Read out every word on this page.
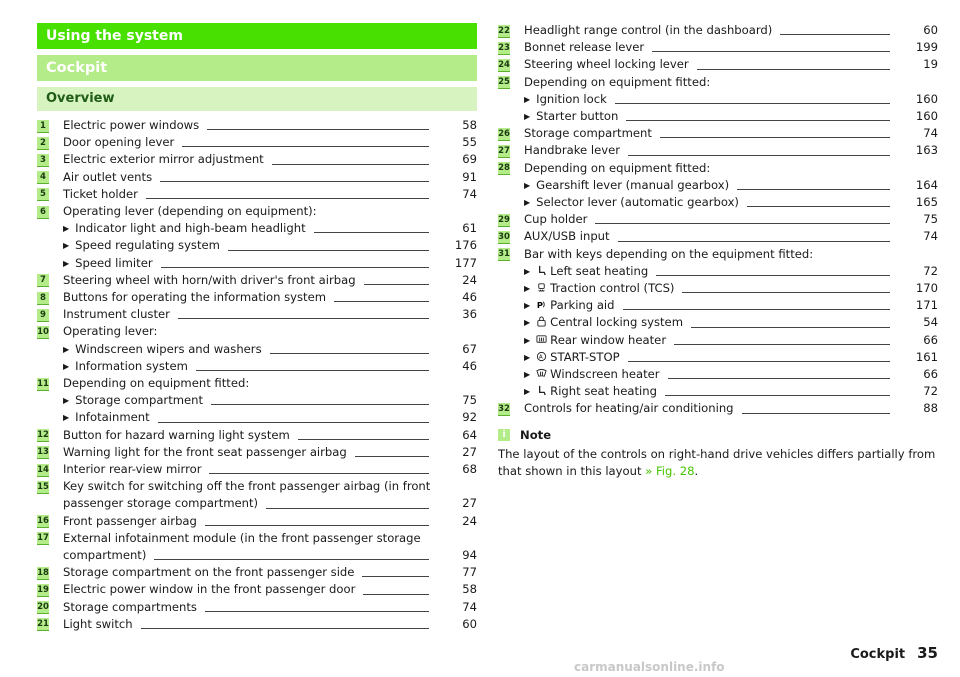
Using the system
Cockpit
Overview
1 Electric power windows	58
2 Door opening lever	55
3 Electric exterior mirror adjustment	69
4 Air outlet vents	91
5 Ticket holder	74
6 Operating lever (depending on equipment):
▶ Indicator light and high-beam headlight	61
▶ Speed regulating system	176
▶ Speed limiter	177
7 Steering wheel with horn/with driver's front airbag	24
8 Buttons for operating the information system	46
9 Instrument cluster	36
10 Operating lever:
▶ Windscreen wipers and washers	67
▶ Information system	46
11 Depending on equipment fitted:
▶ Storage compartment	75
▶ Infotainment	92
12 Button for hazard warning light system	64
13 Warning light for the front seat passenger airbag	27
14 Interior rear-view mirror	68
15 Key switch for switching off the front passenger airbag (in front
passenger storage compartment)	27
16 Front passenger airbag	24
17 External infotainment module (in the front passenger storage
compartment)	94
18 Storage compartment on the front passenger side	77
19 Electric power window in the front passenger door	58
20 Storage compartments	74
21 Light switch	60
22 Headlight range control (in the dashboard)	60
23 Bonnet release lever	199
24 Steering wheel locking lever	19
25 Depending on equipment fitted:
▶ Ignition lock	160
▶ Starter button	160
26 Storage compartment	74
27 Handbrake lever	163
28 Depending on equipment fitted:
▶ Gearshift lever (manual gearbox)	164
▶ Selector lever (automatic gearbox)	165
29 Cup holder	75
30 AUX/USB input	74
31 Bar with keys depending on the equipment fitted:
▶ Left seat heating	72
▶ Traction control (TCS)	170
▶ P Parking aid	171
▶ Central locking system	54
▶ Rear window heater	66
▶ A START-STOP	161
▶ Windscreen heater	66
▶ Right seat heating	72
32 Controls for heating/air conditioning	88
i	Note
The layout of the controls on right-hand drive vehicles differs partially from that shown in this layout » Fig. 28.
Cockpit 35
carmanualsonline.info
